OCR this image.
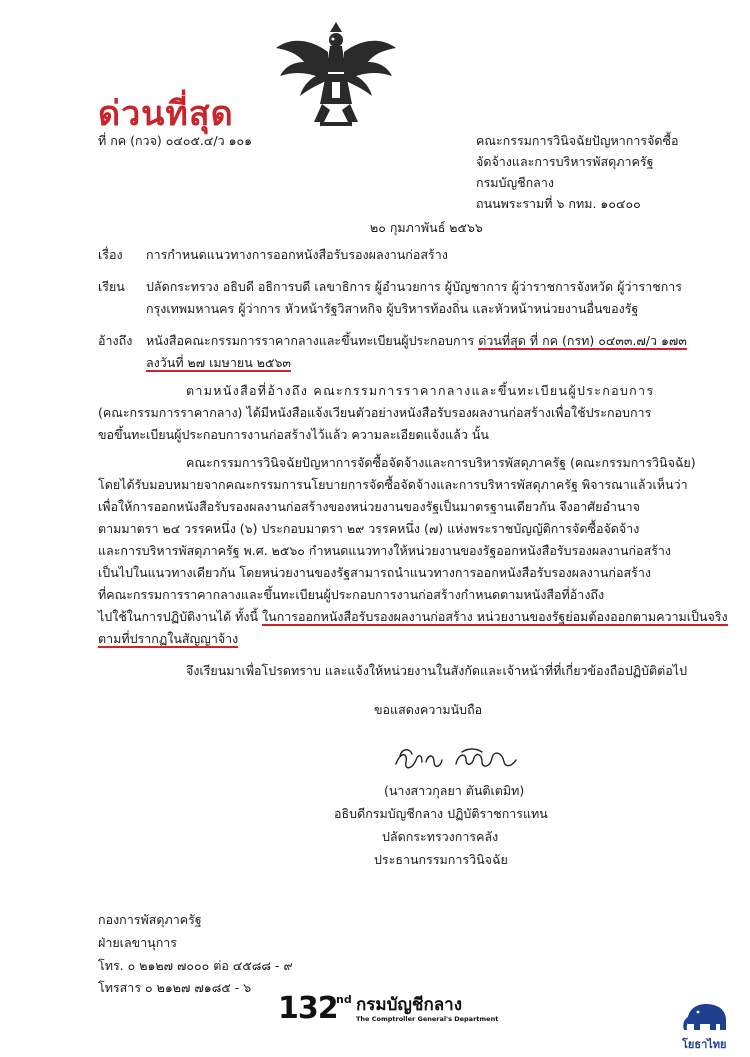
ด่วนที่สุด
ที่ กค (กวจ) ๐๔๐๕.๔/ว ๑๐๑	คณะกรรมการวินิจฉัยปัญหาการจัดซื้อ
จัดจ้างและการบริหารพัสดุภาครัฐ
กรมบัญชีกลาง
ถนนพระรามที่ ๖ กทม. ๑๐๔๐๐
๒๐ กุมภาพันธ์ ๒๕๖๖
เรื่อง การกำหนดแนวทางการออกหนังสือรับรองผลงานก่อสร้าง
เรียน ปลัดกระทรวง อธิบดี อธิการบดี เลขาธิการ ผู้อำนวยการ ผู้บัญชาการ ผู้ว่าราชการจังหวัด ผู้ว่าราชการ
กรุงเทพมหานคร ผู้ว่าการ หัวหน้ารัฐวิสาหกิจ ผู้บริหารท้องถิ่น และหัวหน้าหน่วยงานอื่นของรัฐ
อ้างถึง หนังสือคณะกรรมการราคากลางและขึ้นทะเบียนผู้ประกอบการ ด่วนที่สุด ที่ กค (กรท) ๐๔๓๓.๗/ว ๑๗๓
ลงวันที่ ๒๗ เมษายน ๒๕๖๓
ตามหนังสือที่อ้างถึง คณะกรรมการราคากลางและขึ้นทะเบียนผู้ประกอบการ
(คณะกรรมการราคากลาง) ได้มีหนังสือแจ้งเวียนตัวอย่างหนังสือรับรองผลงานก่อสร้างเพื่อใช้ประกอบการ
ขอขึ้นทะเบียนผู้ประกอบการงานก่อสร้างไว้แล้ว ความละเอียดแจ้งแล้ว นั้น
คณะกรรมการวินิจฉัยปัญหาการจัดซื้อจัดจ้างและการบริหารพัสดุภาครัฐ (คณะกรรมการวินิจฉัย)
โดยได้รับมอบหมายจากคณะกรรมการนโยบายการจัดซื้อจัดจ้างและการบริหารพัสดุภาครัฐ พิจารณาแล้วเห็นว่า
เพื่อให้การออกหนังสือรับรองผลงานก่อสร้างของหน่วยงานของรัฐเป็นมาตรฐานเดียวกัน จึงอาศัยอำนาจ
ตามมาตรา ๒๔ วรรคหนึ่ง (๖) ประกอบมาตรา ๒๙ วรรคหนึ่ง (๗) แห่งพระราชบัญญัติการจัดซื้อจัดจ้าง
และการบริหารพัสดุภาครัฐ พ.ศ. ๒๕๖๐ กำหนดแนวทางให้หน่วยงานของรัฐออกหนังสือรับรองผลงานก่อสร้าง
เป็นไปในแนวทางเดียวกัน โดยหน่วยงานของรัฐสามารถนำแนวทางการออกหนังสือรับรองผลงานก่อสร้าง
ที่คณะกรรมการราคากลางและขึ้นทะเบียนผู้ประกอบการงานก่อสร้างกำหนดตามหนังสือที่อ้างถึง
ไปใช้ในการปฏิบัติงานได้ ทั้งนี้ ในการออกหนังสือรับรองผลงานก่อสร้าง หน่วยงานของรัฐย่อมต้องออกตามความเป็นจริง
ตามที่ปรากฏในสัญญาจ้าง
จึงเรียนมาเพื่อโปรดทราบ และแจ้งให้หน่วยงานในสังกัดและเจ้าหน้าที่ที่เกี่ยวข้องถือปฏิบัติต่อไป
ขอแสดงความนับถือ
(นางสาวกุลยา ตันติเตมิท)
อธิบดีกรมบัญชีกลาง ปฏิบัติราชการแทน
ปลัดกระทรวงการคลัง
ประธานกรรมการวินิจฉัย
กองการพัสดุภาครัฐ
ฝ่ายเลขานุการ
โทร. ๐ ๒๑๒๗ ๗๐๐๐ ต่อ ๔๕๘๘ - ๙
โทรสาร ๐ ๒๑๒๗ ๗๑๘๕ - ๖
132
nd กรมบัญชีกลาง
The Comptroller General's Department
โยธาไทย
